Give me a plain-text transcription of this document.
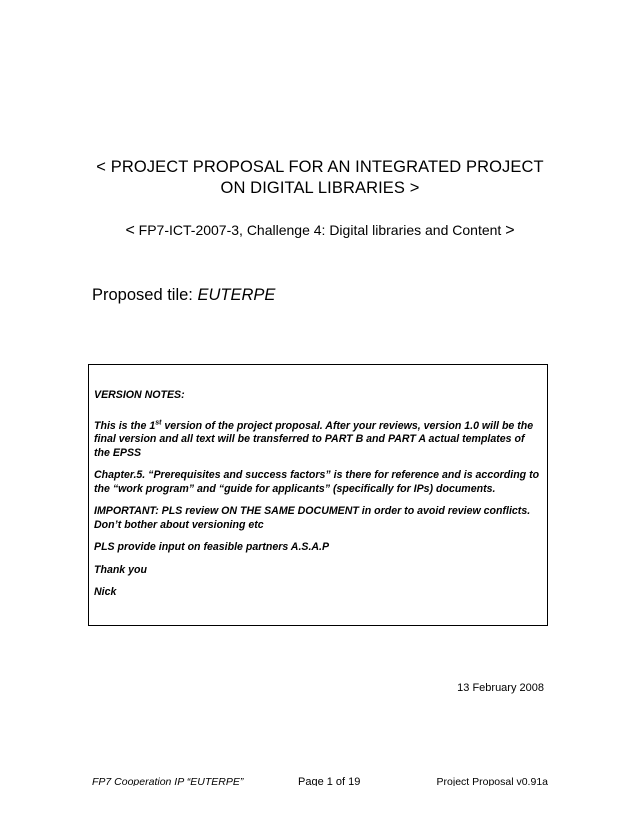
< PROJECT PROPOSAL FOR AN INTEGRATED PROJECT
ON DIGITAL LIBRARIES >
< FP7-ICT-2007-3, Challenge 4: Digital libraries and Content >
Proposed tile: EUTERPE

VERSION NOTES:

This is the 1st version of the project proposal. After your reviews, version 1.0 will be the final version and all text will be transferred to PART B and PART A actual templates of the EPSS

Chapter.5. “Prerequisites and success factors” is there for reference and is according to the “work program” and “guide for applicants” (specifically for IPs) documents.

IMPORTANT: PLS review ON THE SAME DOCUMENT in order to avoid review conflicts. Don’t bother about versioning etc

PLS provide input on feasible partners A.S.A.P

Thank you

Nick

13 February 2008
FP7 Cooperation IP “EUTERPE”	Page 1 of 19	Project Proposal v0.91a
